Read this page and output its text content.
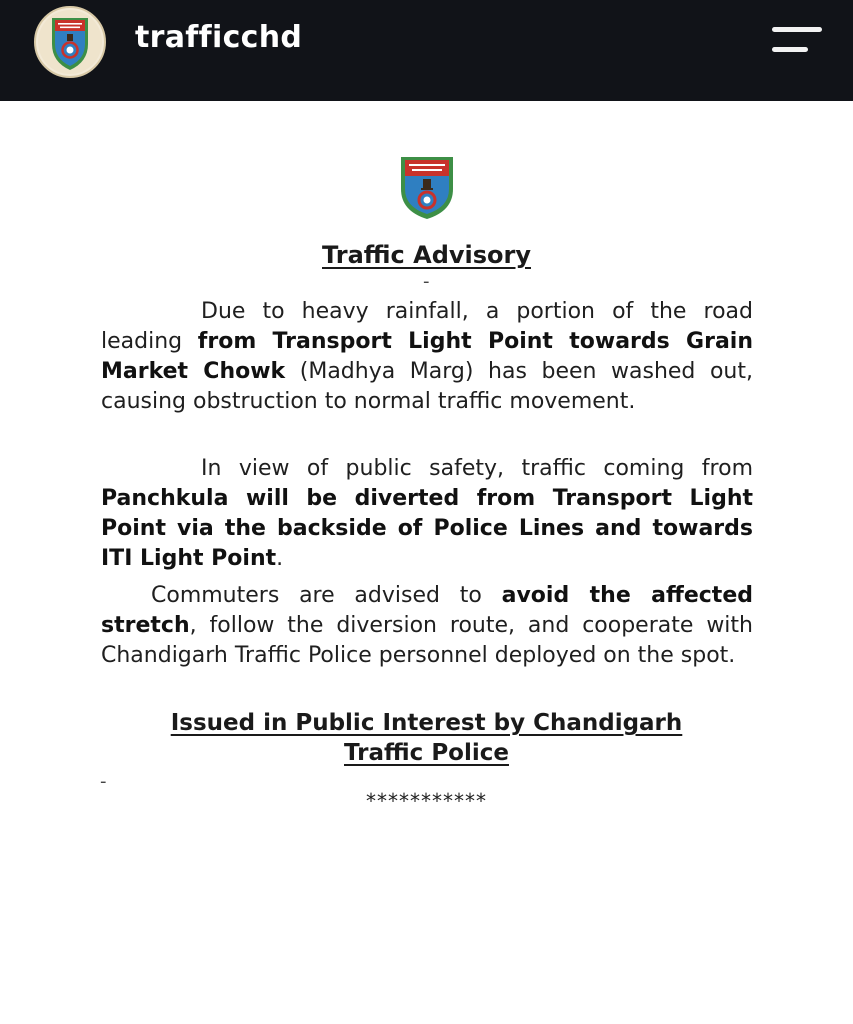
trafficchd
Traffic Advisory
-

Due to heavy rainfall, a portion of the road leading from Transport Light Point towards Grain Market Chowk (Madhya Marg) has been washed out, causing obstruction to normal traffic movement.

In view of public safety, traffic coming from Panchkula will be diverted from Transport Light Point via the backside of Police Lines and towards ITI Light Point.

Commuters are advised to avoid the affected stretch, follow the diversion route, and cooperate with Chandigarh Traffic Police personnel deployed on the spot.

Issued in Public Interest by Chandigarh
Traffic Police
-
***********
